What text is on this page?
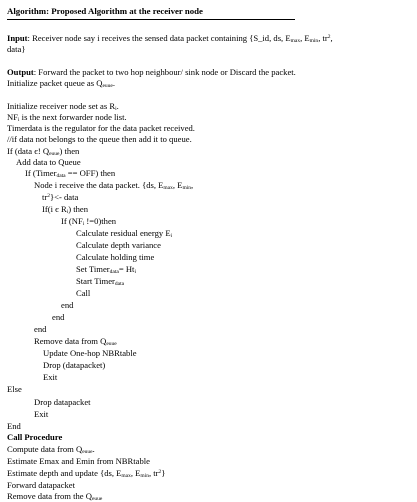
Algorithm: Proposed Algorithm at the receiver node
Input: Receiver node say i receives the sensed data packet containing {S_id, ds, $E_{max}$, $E_{min}$, $tr^2$,
data}
Output: Forward the packet to two hop neighbour/ sink node or Discard the packet.
Initialize packet queue as $Q_{euue}$.
Initialize receiver node set as $R_i$.
$NF_i$ is the next forwarder node list.
Timerdata is the regulator for the data packet received.
//if data not belongs to the queue then add it to queue.
If (data є! $Q_{euue}$) then
Add data to Queue
If (Timer$_{data}$ == OFF) then
Node i receive the data packet. {ds, $E_{max}$, $E_{min}$,
$tr^2\}<-$ data
If(i є $R_i$) then
If ($NF_i$ !=0)then
Calculate residual energy $E_i$
Calculate depth variance
Calculate holding time
Set Timer$_{data}$= $Ht_i$
Start Timer$_{data}$
Call
end
end
end
Remove data from $Q_{euue}$
Update One-hop NBRtable
Drop (datapacket)
Exit
Else
Drop datapacket
Exit
End
Call Procedure
Compute data from $Q_{euue}$.
Estimate Emax and Emin from NBRtable
Estimate depth and update {ds, $E_{max}$, $E_{min}$, $tr^2$}
Forward datapacket
Remove data from the $Q_{euue}$
